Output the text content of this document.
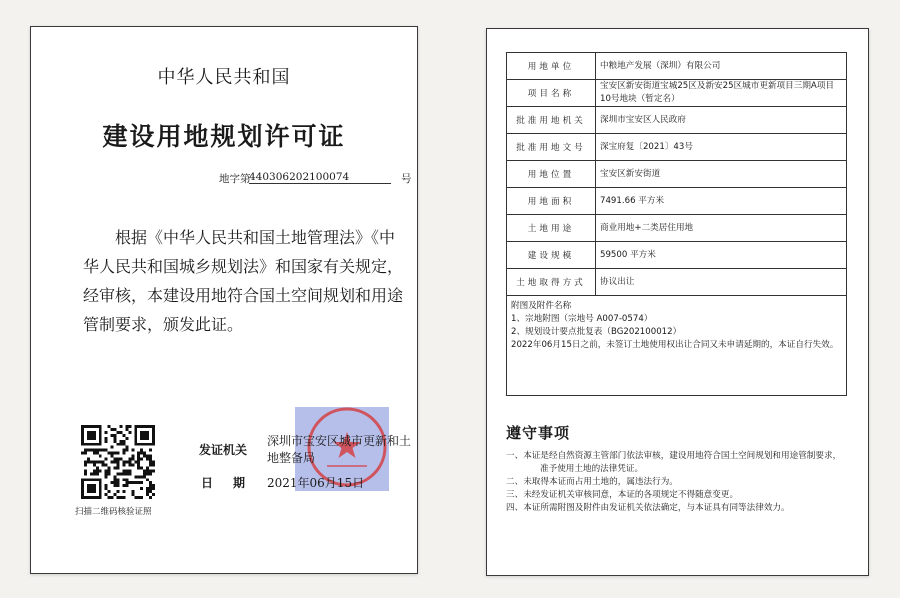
中华人民共和国
建设用地规划许可证
地字第
440306202100074	号
根据《中华人民共和国土地管理法》《中华人民共和国城乡规划法》和国家有关规定，经审核，本建设用地符合国土空间规划和用途管制要求，颁发此证。
扫描二维码核验证照
发证机关
深圳市宝安区城市更新和土地整备局
日期 2021年06月15日
用地单位	中粮地产发展（深圳）有限公司
项目名称	宝安区新安街道宝城25区及新安25区城市更新项目三期A项目10号地块（暂定名）
批准用地机关	深圳市宝安区人民政府
批准用地文号	深宝府复〔2021〕43号
用地位置	宝安区新安街道
用地面积	7491.66 平方米
土地用途	商业用地+二类居住用地
建设规模	59500 平方米
土地取得方式	协议出让

附图及附件名称
1、宗地附图（宗地号 A007-0574）
2、规划设计要点批复表（BG202100012）
2022年06月15日之前，未签订土地使用权出让合同又未申请延期的，本证自行失效。	
遵守事项
一、本证是经自然资源主管部门依法审核，建设用地符合国土空间规划和用途管制要求，准予使用土地的法律凭证。
二、未取得本证而占用土地的，属违法行为。
三、未经发证机关审核同意，本证的各项规定不得随意变更。
四、本证所需附图及附件由发证机关依法确定，与本证具有同等法律效力。
